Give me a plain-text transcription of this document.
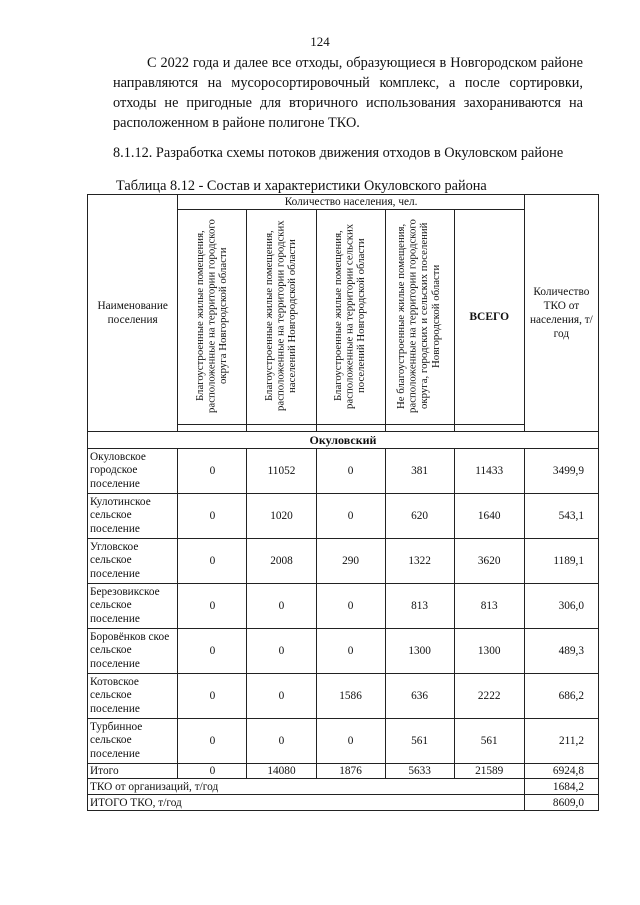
124

С 2022 года и далее все отходы, образующиеся в Новгородском районе направляются на мусоросортировочный комплекс, а после сортировки, отходы не пригодные для вторичного использования захораниваются на расположенном в районе полигоне ТКО.

8.1.12. Разработка схемы потоков движения отходов в Окуловском районе

Таблица 8.12 - Состав и характеристики Окуловского района
Наименование поселения	Количество населения, чел.					Количество ТКО от населения, т/год
	Благоустроенные жилые помещения, расположенные на территории городского округа Новгородской области	Благоустроенные жилые помещения, расположенные на территории городских населений Новгородской области	Благоустроенные жилые помещения, расположенные на территории сельских поселений Новгородской области	Не благоустроенные жилые помещения, расположенные на территории городского округа, городских и сельских поселений Новгородской области	ВСЕГО	

Окуловский						
Окуловское городское поселение	0	11052	0	381	11433	3499,9
Кулотинское сельское поселение	0	1020	0	620	1640	543,1
Угловское сельское поселение	0	2008	290	1322	3620	1189,1
Березовикское сельское поселение	0	0	0	813	813	306,0
Боровёнков ское сельское поселение	0	0	0	1300	1300	489,3
Котовское сельское поселение	0	0	1586	636	2222	686,2
Турбинное сельское поселение	0	0	0	561	561	211,2
Итого	0	14080	1876	5633	21589	6924,8
ТКО от организаций, т/год						1684,2
ИТОГО ТКО, т/год						8609,0
